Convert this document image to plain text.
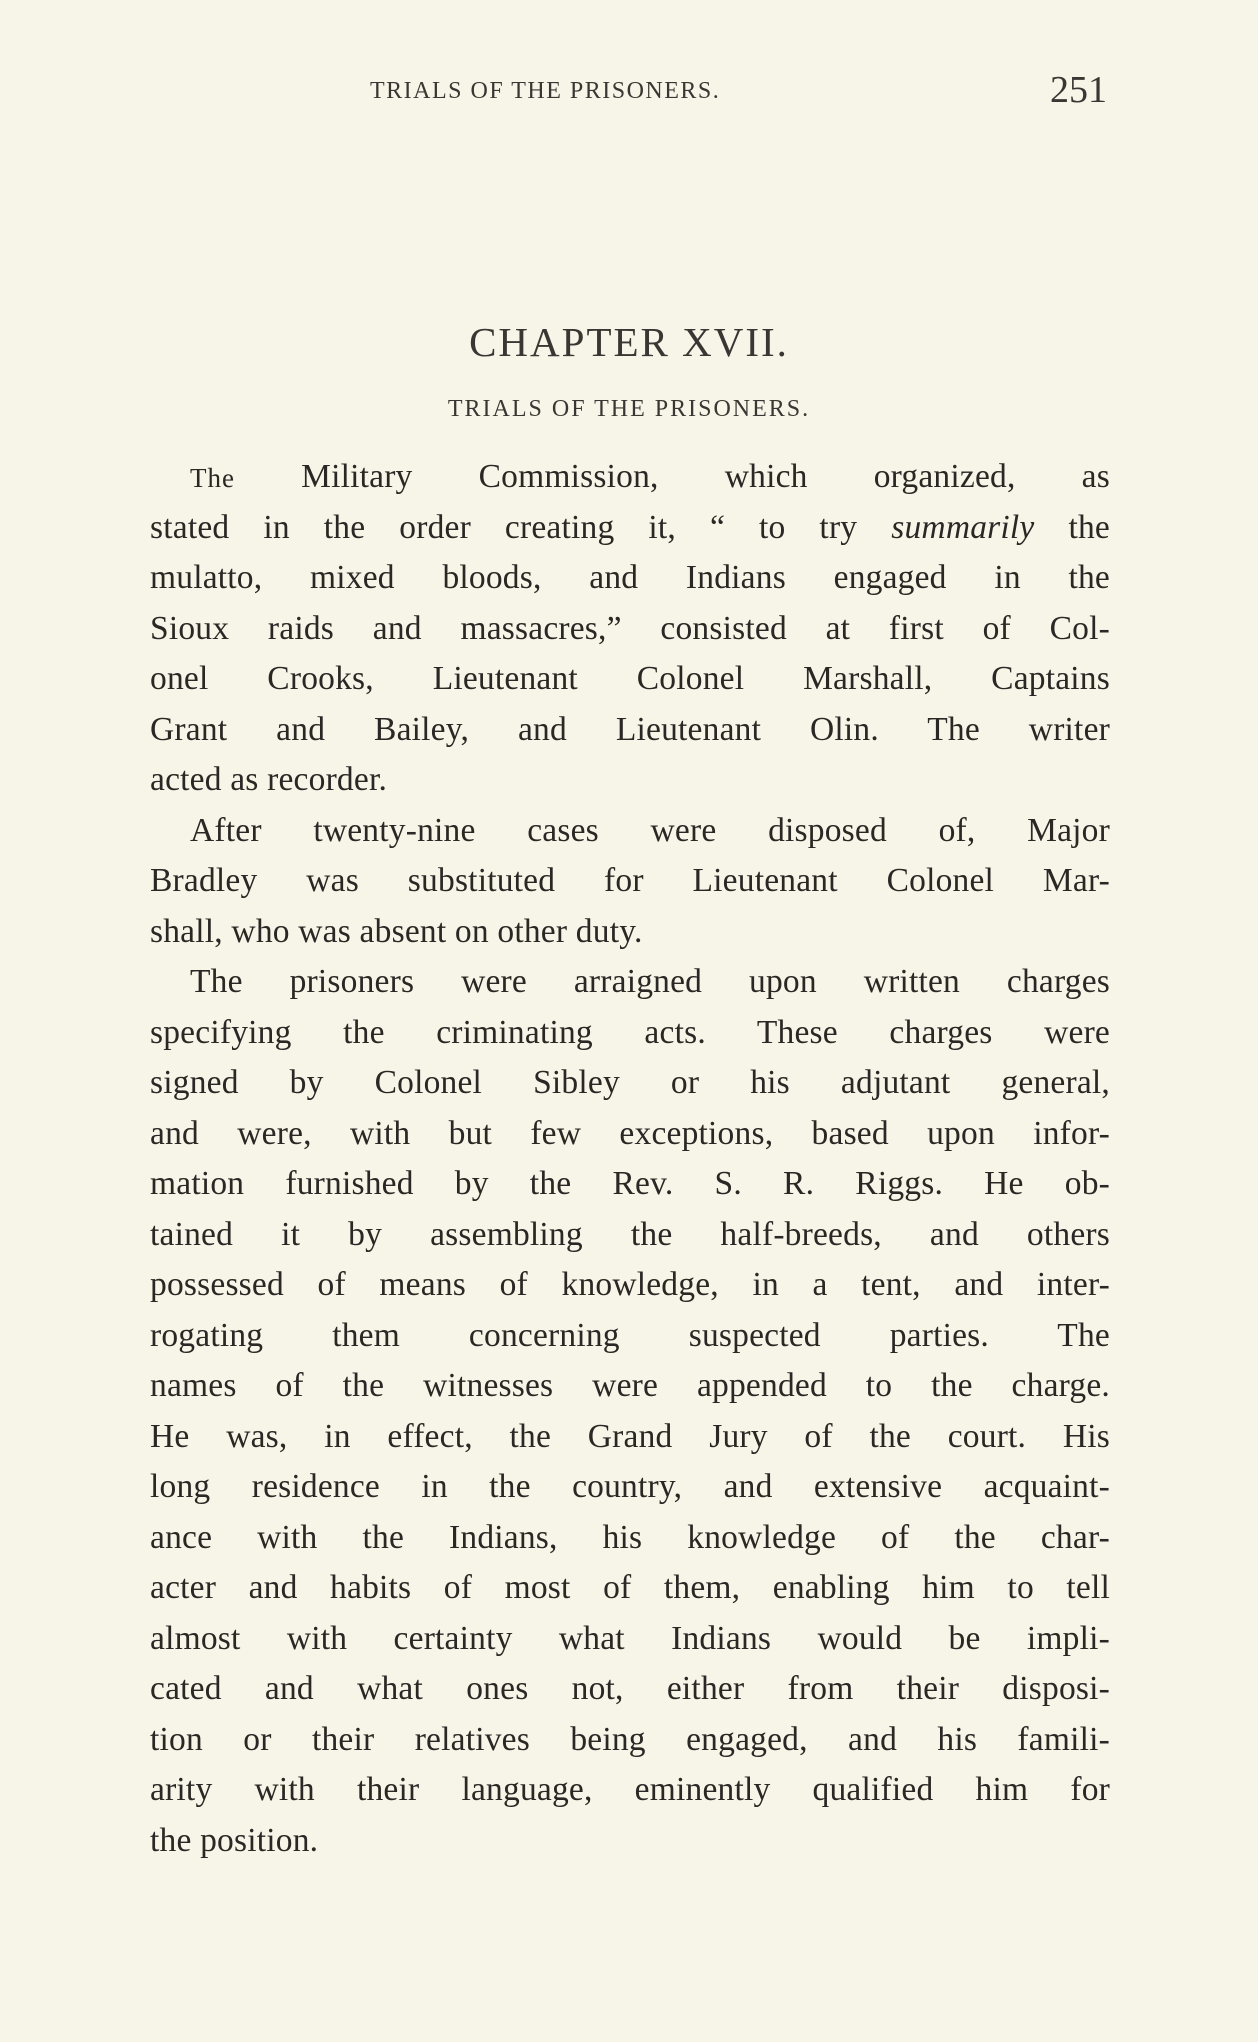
TRIALS OF THE PRISONERS.	251
CHAPTER XVII.
TRIALS OF THE PRISONERS.
The Military Commission, which organized, as
stated in the order creating it, “ to try summarily the
mulatto, mixed bloods, and Indians engaged in the
Sioux raids and massacres,” consisted at first of Col-
onel Crooks, Lieutenant Colonel Marshall, Captains
Grant and Bailey, and Lieutenant Olin. The writer
acted as recorder.
After twenty-nine cases were disposed of, Major
Bradley was substituted for Lieutenant Colonel Mar-
shall, who was absent on other duty.
The prisoners were arraigned upon written charges
specifying the criminating acts. These charges were
signed by Colonel Sibley or his adjutant general,
and were, with but few exceptions, based upon infor-
mation furnished by the Rev. S. R. Riggs. He ob-
tained it by assembling the half-breeds, and others
possessed of means of knowledge, in a tent, and inter-
rogating them concerning suspected parties. The
names of the witnesses were appended to the charge.
He was, in effect, the Grand Jury of the court. His
long residence in the country, and extensive acquaint-
ance with the Indians, his knowledge of the char-
acter and habits of most of them, enabling him to tell
almost with certainty what Indians would be impli-
cated and what ones not, either from their disposi-
tion or their relatives being engaged, and his famili-
arity with their language, eminently qualified him for
the position.
